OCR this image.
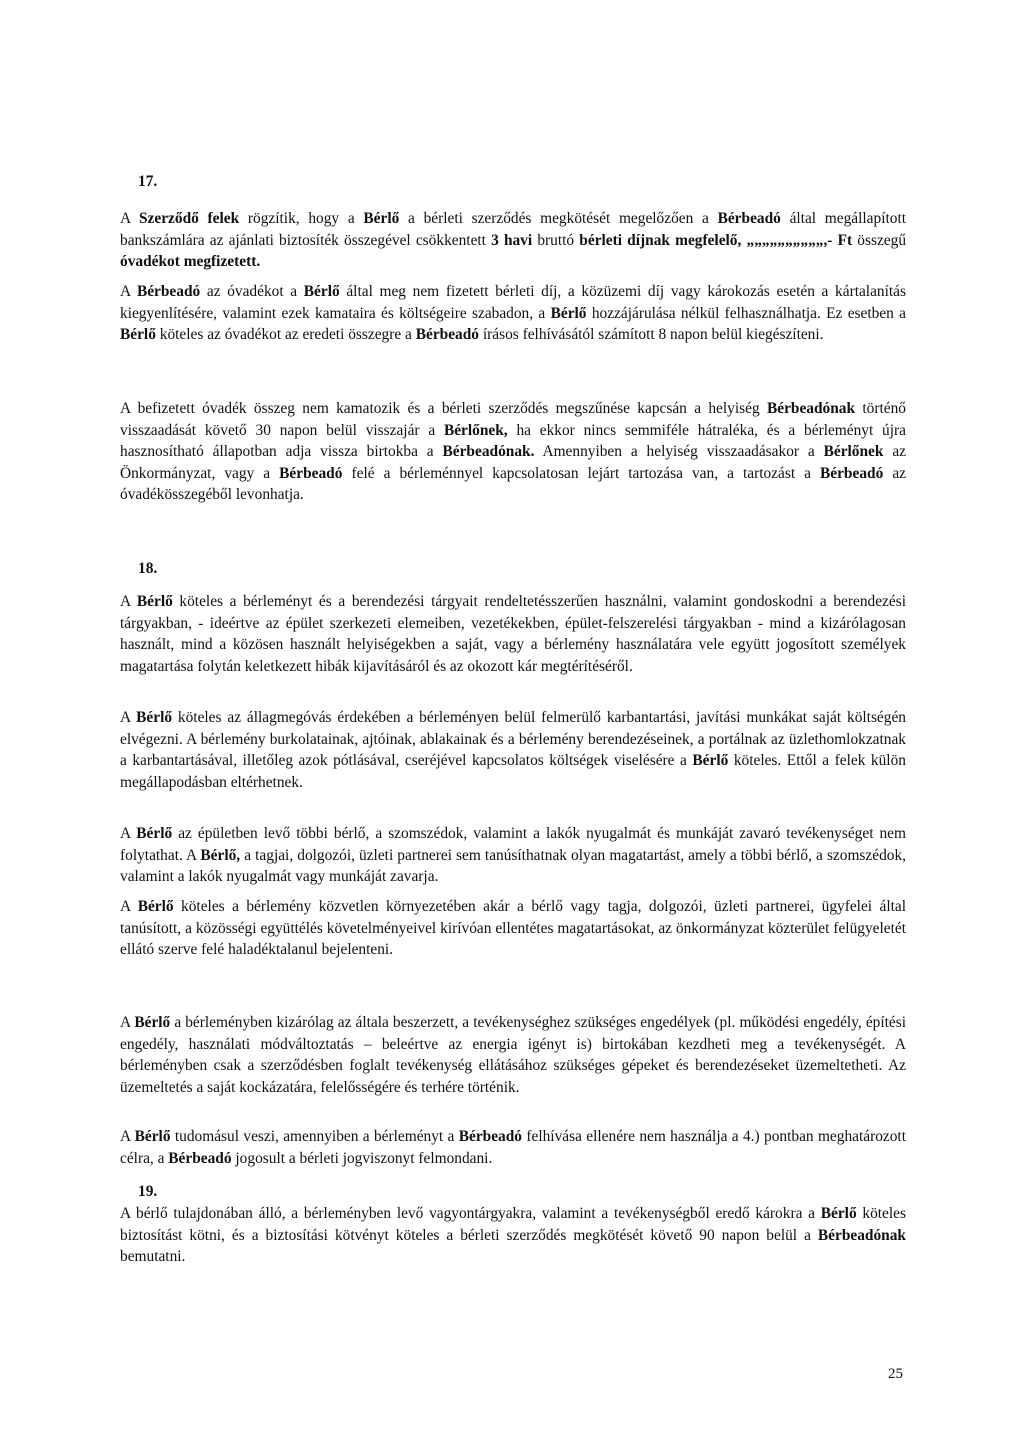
17.

A Szerződő felek rögzítik, hogy a Bérlő a bérleti szerződés megkötését megelőzően a Bérbeadó által megállapított bankszámlára az ajánlati biztosíték összegével csökkentett 3 havi bruttó bérleti díjnak megfelelő, „„„„„„„„„„,- Ft összegű óvadékot megfizetett.

A Bérbeadó az óvadékot a Bérlő által meg nem fizetett bérleti díj, a közüzemi díj vagy károkozás esetén a kártalanítás kiegyenlítésére, valamint ezek kamataira és költségeire szabadon, a Bérlő hozzájárulása nélkül felhasználhatja. Ez esetben a Bérlő köteles az óvadékot az eredeti összegre a Bérbeadó írásos felhívásától számított 8 napon belül kiegészíteni.

A befizetett óvadék összeg nem kamatozik és a bérleti szerződés megszűnése kapcsán a helyiség Bérbeadónak történő visszaadását követő 30 napon belül visszajár a Bérlőnek, ha ekkor nincs semmiféle hátraléka, és a bérleményt újra hasznosítható állapotban adja vissza birtokba a Bérbeadónak. Amennyiben a helyiség visszaadásakor a Bérlőnek az Önkormányzat, vagy a Bérbeadó felé a bérleménnyel kapcsolatosan lejárt tartozása van, a tartozást a Bérbeadó az óvadékösszegéből levonhatja.

18.

A Bérlő köteles a bérleményt és a berendezési tárgyait rendeltetésszerűen használni, valamint gondoskodni a berendezési tárgyakban, - ideértve az épület szerkezeti elemeiben, vezetékekben, épület-felszerelési tárgyakban - mind a kizárólagosan használt, mind a közösen használt helyiségekben a saját, vagy a bérlemény használatára vele együtt jogosított személyek magatartása folytán keletkezett hibák kijavításáról és az okozott kár megtérítéséről.

A Bérlő köteles az állagmegóvás érdekében a bérleményen belül felmerülő karbantartási, javítási munkákat saját költségén elvégezni. A bérlemény burkolatainak, ajtóinak, ablakainak és a bérlemény berendezéseinek, a portálnak az üzlethomlokzatnak a karbantartásával, illetőleg azok pótlásával, cseréjével kapcsolatos költségek viselésére a Bérlő köteles. Ettől a felek külön megállapodásban eltérhetnek.

A Bérlő az épületben levő többi bérlő, a szomszédok, valamint a lakók nyugalmát és munkáját zavaró tevékenységet nem folytathat. A Bérlő, a tagjai, dolgozói, üzleti partnerei sem tanúsíthatnak olyan magatartást, amely a többi bérlő, a szomszédok, valamint a lakók nyugalmát vagy munkáját zavarja.

A Bérlő köteles a bérlemény közvetlen környezetében akár a bérlő vagy tagja, dolgozói, üzleti partnerei, ügyfelei által tanúsított, a közösségi együttélés követelményeivel kirívóan ellentétes magatartásokat, az önkormányzat közterület felügyeletét ellátó szerve felé haladéktalanul bejelenteni.

A Bérlő a bérleményben kizárólag az általa beszerzett, a tevékenységhez szükséges engedélyek (pl. működési engedély, építési engedély, használati módváltoztatás – beleértve az energia igényt is) birtokában kezdheti meg a tevékenységét. A bérleményben csak a szerződésben foglalt tevékenység ellátásához szükséges gépeket és berendezéseket üzemeltetheti. Az üzemeltetés a saját kockázatára, felelősségére és terhére történik.

A Bérlő tudomásul veszi, amennyiben a bérleményt a Bérbeadó felhívása ellenére nem használja a 4.) pontban meghatározott célra, a Bérbeadó jogosult a bérleti jogviszonyt felmondani.

19.

A bérlő tulajdonában álló, a bérleményben levő vagyontárgyakra, valamint a tevékenységből eredő károkra a Bérlő köteles biztosítást kötni, és a biztosítási kötvényt köteles a bérleti szerződés megkötését követő 90 napon belül a Bérbeadónak bemutatni.

25
